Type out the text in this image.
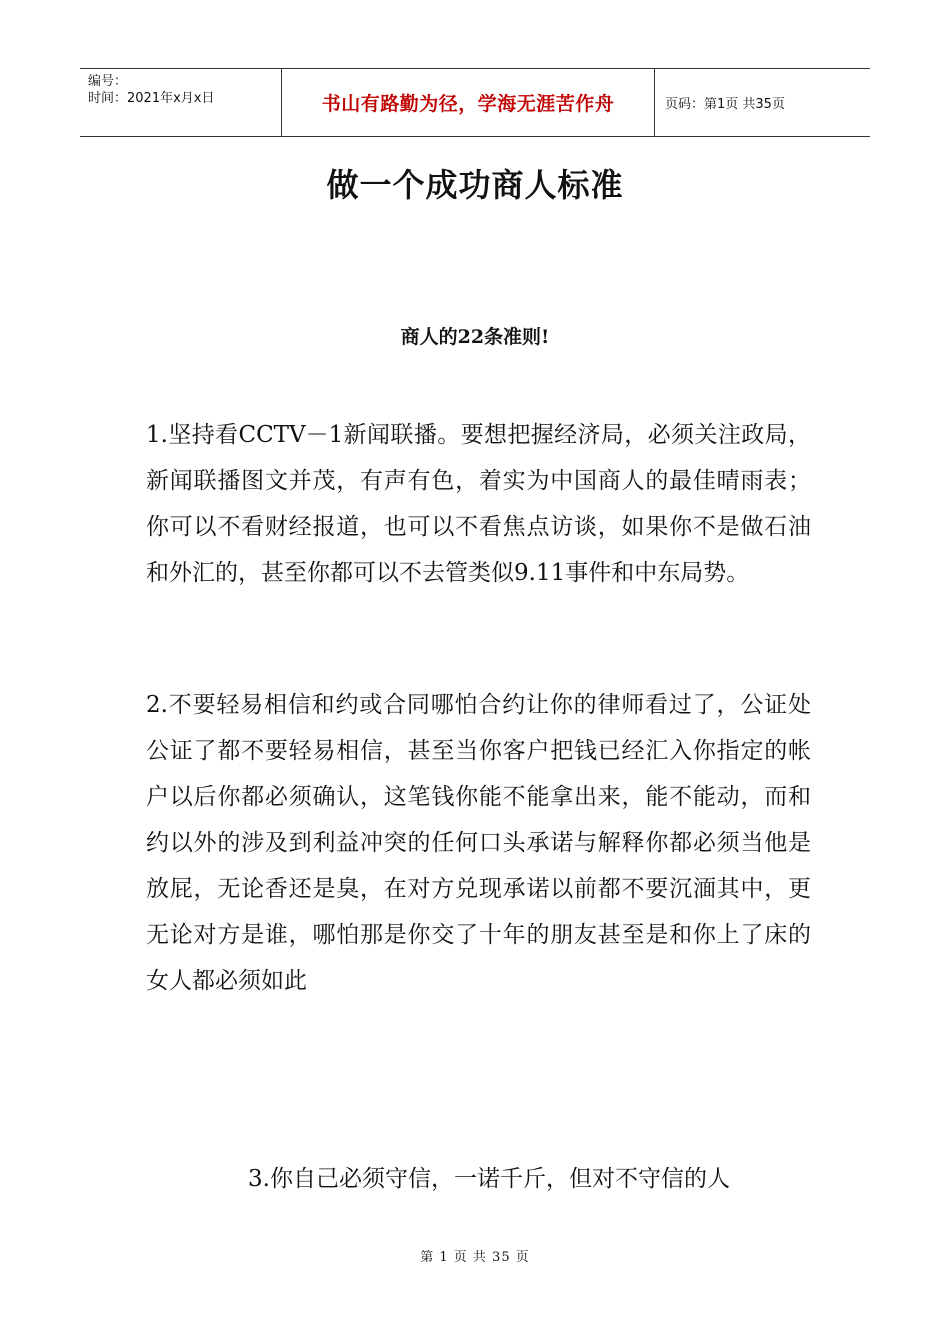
编号：
时间：2021年x月x日	书山有路勤为径，学海无涯苦作舟	页码：第1页 共35页
做一个成功商人标准
商人的22条准则!
1.坚持看CCTV－1新闻联播。要想把握经济局，必须关注政局，新闻联播图文并茂，有声有色，着实为中国商人的最佳晴雨表；你可以不看财经报道，也可以不看焦点访谈，如果你不是做石油和外汇的，甚至你都可以不去管类似9.11事件和中东局势。
2.不要轻易相信和约或合同哪怕合约让你的律师看过了，公证处公证了都不要轻易相信，甚至当你客户把钱已经汇入你指定的帐户以后你都必须确认，这笔钱你能不能拿出来，能不能动，而和约以外的涉及到利益冲突的任何口头承诺与解释你都必须当他是放屁，无论香还是臭，在对方兑现承诺以前都不要沉湎其中，更无论对方是谁，哪怕那是你交了十年的朋友甚至是和你上了床的女人都必须如此
3.你自己必须守信，一诺千斤，但对不守信的人
第 1 页 共 35 页
